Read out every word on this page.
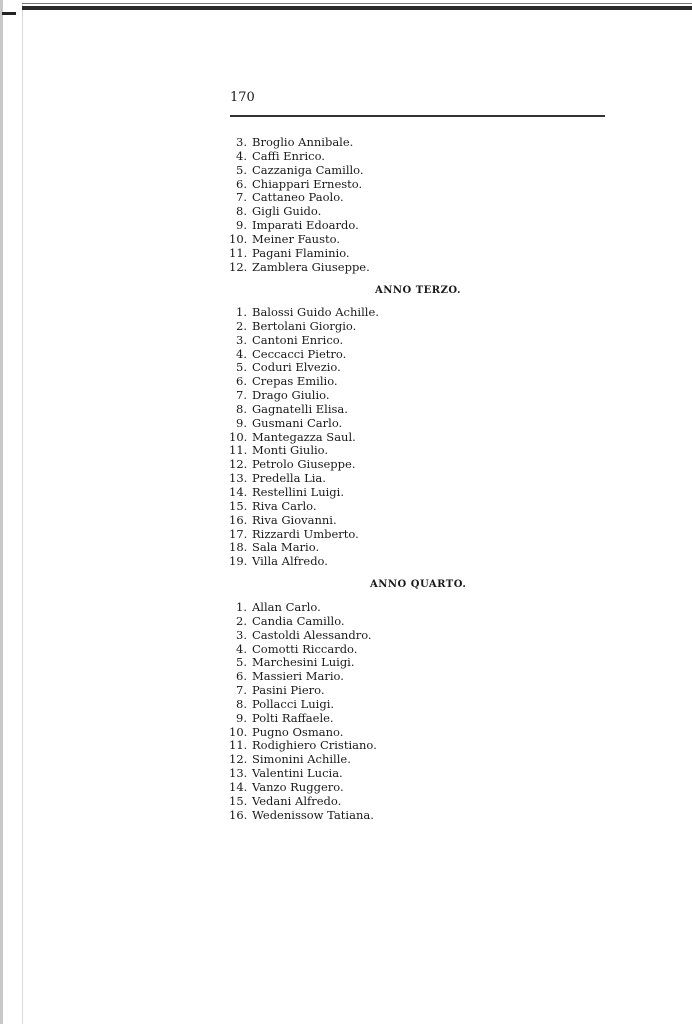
170
3. Broglio Annibale.
4. Caffi Enrico.
5. Cazzaniga Camillo.
6. Chiappari Ernesto.
7. Cattaneo Paolo.
8. Gigli Guido.
9. Imparati Edoardo.
10. Meiner Fausto.
11. Pagani Flaminio.
12. Zamblera Giuseppe.
ANNO TERZO.
1. Balossi Guido Achille.
2. Bertolani Giorgio.
3. Cantoni Enrico.
4. Ceccacci Pietro.
5. Coduri Elvezio.
6. Crepas Emilio.
7. Drago Giulio.
8. Gagnatelli Elisa.
9. Gusmani Carlo.
10. Mantegazza Saul.
11. Monti Giulio.
12. Petrolo Giuseppe.
13. Predella Lia.
14. Restellini Luigi.
15. Riva Carlo.
16. Riva Giovanni.
17. Rizzardi Umberto.
18. Sala Mario.
19. Villa Alfredo.
ANNO QUARTO.
1. Allan Carlo.
2. Candia Camillo.
3. Castoldi Alessandro.
4. Comotti Riccardo.
5. Marchesini Luigi.
6. Massieri Mario.
7. Pasini Piero.
8. Pollacci Luigi.
9. Polti Raffaele.
10. Pugno Osmano.
11. Rodighiero Cristiano.
12. Simonini Achille.
13. Valentini Lucia.
14. Vanzo Ruggero.
15. Vedani Alfredo.
16. Wedenissow Tatiana.
